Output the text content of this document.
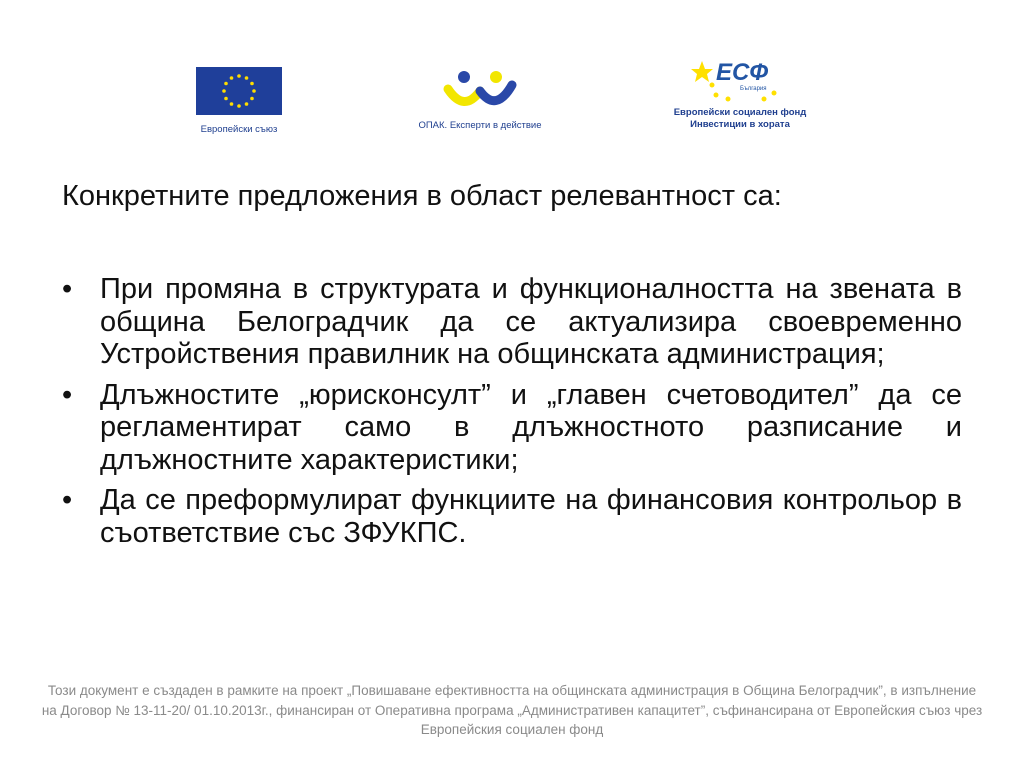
Европейски съюз	ОПАК. Експерти в действие
ЕСФ
България
Европейски социален фонд
Инвестиции в хората
Конкретните предложения в област релевантност са:
• При промяна в структурата и функционалността на звената в община Белоградчик да се актуализира своевременно Устройствения правилник на общинската администрация;
• Длъжностите „юрисконсулт” и „главен счетоводител” да се регламентират само в длъжностното разписание и длъжностните характеристики;
• Да се преформулират функциите на финансовия контрольор в съответствие със ЗФУКПС.
Този документ е създаден в рамките на проект „Повишаване ефективността на общинската администрация в Община Белоградчик”, в изпълнение на Договор № 13-11-20/ 01.10.2013г., финансиран от Оперативна програма „Административен капацитет”, съфинансирана от Европейския съюз чрез Европейския социален фонд
